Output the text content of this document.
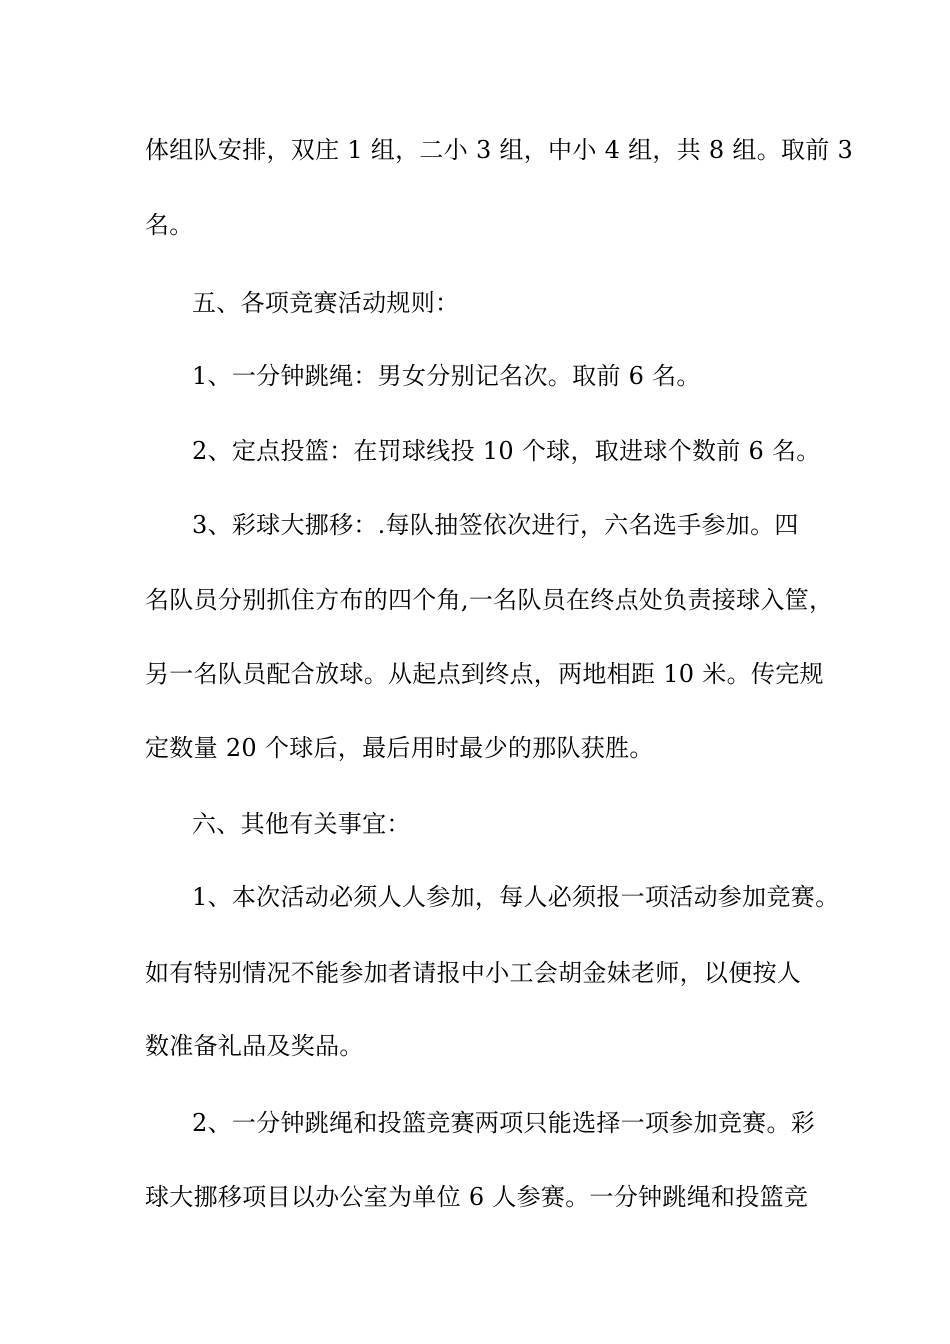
体组队安排，双庄 1 组，二小 3 组，中小 4 组，共 8 组。取前 3
名。
五、各项竞赛活动规则：
1、一分钟跳绳：男女分别记名次。取前 6 名。
2、定点投篮：在罚球线投 10 个球，取进球个数前 6 名。
3、彩球大挪移：.每队抽签依次进行，六名选手参加。四
名队员分别抓住方布的四个角,一名队员在终点处负责接球入筐，
另一名队员配合放球。从起点到终点，两地相距 10 米。传完规
定数量 20 个球后，最后用时最少的那队获胜。
六、其他有关事宜：
1、本次活动必须人人参加，每人必须报一项活动参加竞赛。
如有特别情况不能参加者请报中小工会胡金妹老师，以便按人
数准备礼品及奖品。
2、一分钟跳绳和投篮竞赛两项只能选择一项参加竞赛。彩
球大挪移项目以办公室为单位 6 人参赛。一分钟跳绳和投篮竞
